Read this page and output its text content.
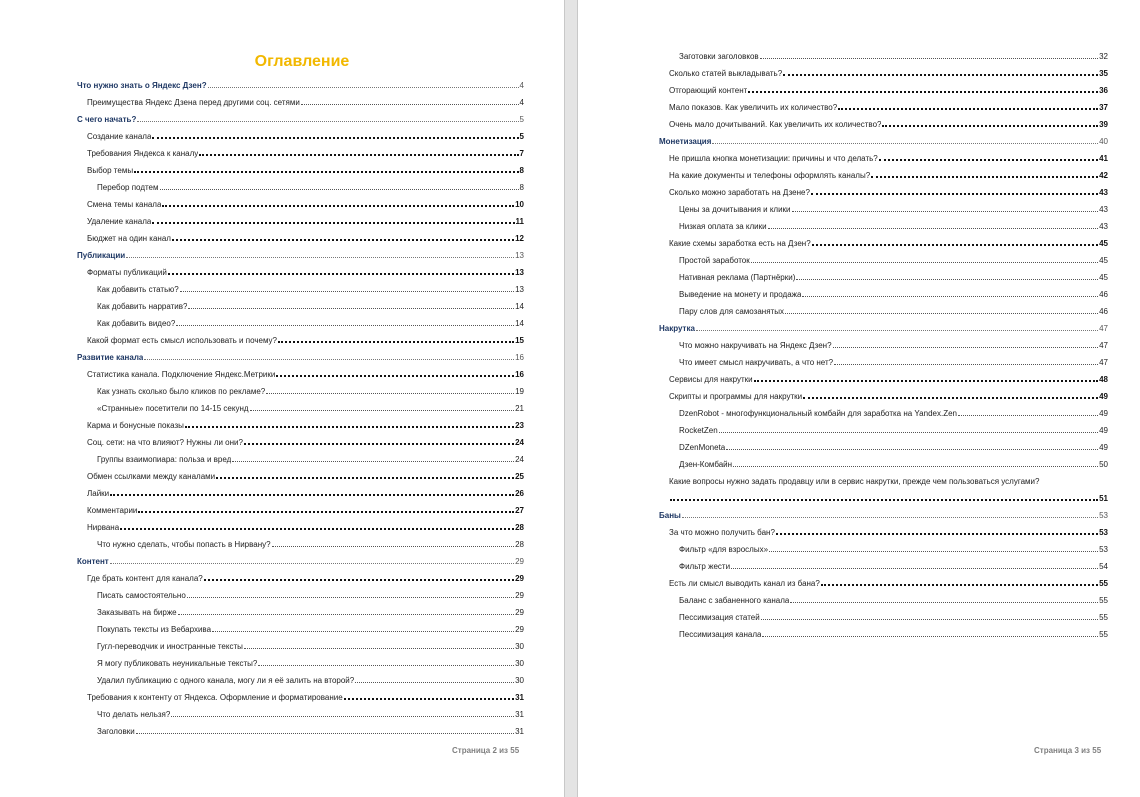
Оглавление
Что нужно знать о Яндекс Дзен?	4
Преимущества Яндекс Дзена перед другими соц. сетями	4
С чего начать?	5
Создание канала	5
Требования Яндекса к каналу	7
Выбор темы	8
Перебор подтем	8
Смена темы канала	10
Удаление канала	11
Бюджет на один канал	12
Публикации	13
Форматы публикаций	13
Как добавить статью?	13
Как добавить нарратив?	14
Как добавить видео?	14
Какой формат есть смысл использовать и почему?	15
Развитие канала	16
Статистика канала. Подключение Яндекс.Метрики	16
Как узнать сколько было кликов по рекламе?	19
«Странные» посетители по 14-15 секунд	21
Карма и бонусные показы	23
Соц. сети: на что влияют? Нужны ли они?	24
Группы взаимопиара: польза и вред	24
Обмен ссылками между каналами	25
Лайки	26
Комментарии	27
Нирвана	28
Что нужно сделать, чтобы попасть в Нирвану?	28
Контент	29
Где брать контент для канала?	29
Писать самостоятельно	29
Заказывать на бирже	29
Покупать тексты из Вебархива	29
Гугл-переводчик и иностранные тексты	30
Я могу публиковать неуникальные тексты?	30
Удалил публикацию с одного канала, могу ли я её залить на второй?	30
Требования к контенту от Яндекса. Оформление и форматирование	31
Что делать нельзя?	31
Заголовки	31
Страница 2 из 55
Заготовки заголовков	32
Сколько статей выкладывать?	35
Отгорающий контент	36
Мало показов. Как увеличить их количество?	37
Очень мало дочитываний. Как увеличить их количество?	39
Монетизация	40
Не пришла кнопка монетизации: причины и что делать?	41
На какие документы и телефоны оформлять каналы?	42
Сколько можно заработать на Дзене?	43
Цены за дочитывания и клики	43
Низкая оплата за клики	43
Какие схемы заработка есть на Дзен?	45
Простой заработок	45
Нативная реклама (Партнёрки)	45
Выведение на монету и продажа	46
Пару слов для самозанятых	46
Накрутка	47
Что можно накручивать на Яндекс Дзен?	47
Что имеет смысл накручивать, а что нет?	47
Сервисы для накрутки	48
Скрипты и программы для накрутки	49
DzenRobot - многофункциональный комбайн для заработка на Yandex.Zen	49
RocketZen	49
DZenMoneta	49
Дзен-Комбайн	50
Какие вопросы нужно задать продавцу или в сервис накрутки, прежде чем пользоваться услугами?
51
Баны	53
За что можно получить бан?	53
Фильтр «для взрослых»	53
Фильтр жести	54
Есть ли смысл выводить канал из бана?	55
Баланс с забаненного канала	55
Пессимизация статей	55
Пессимизация канала	55
Страница 3 из 55
